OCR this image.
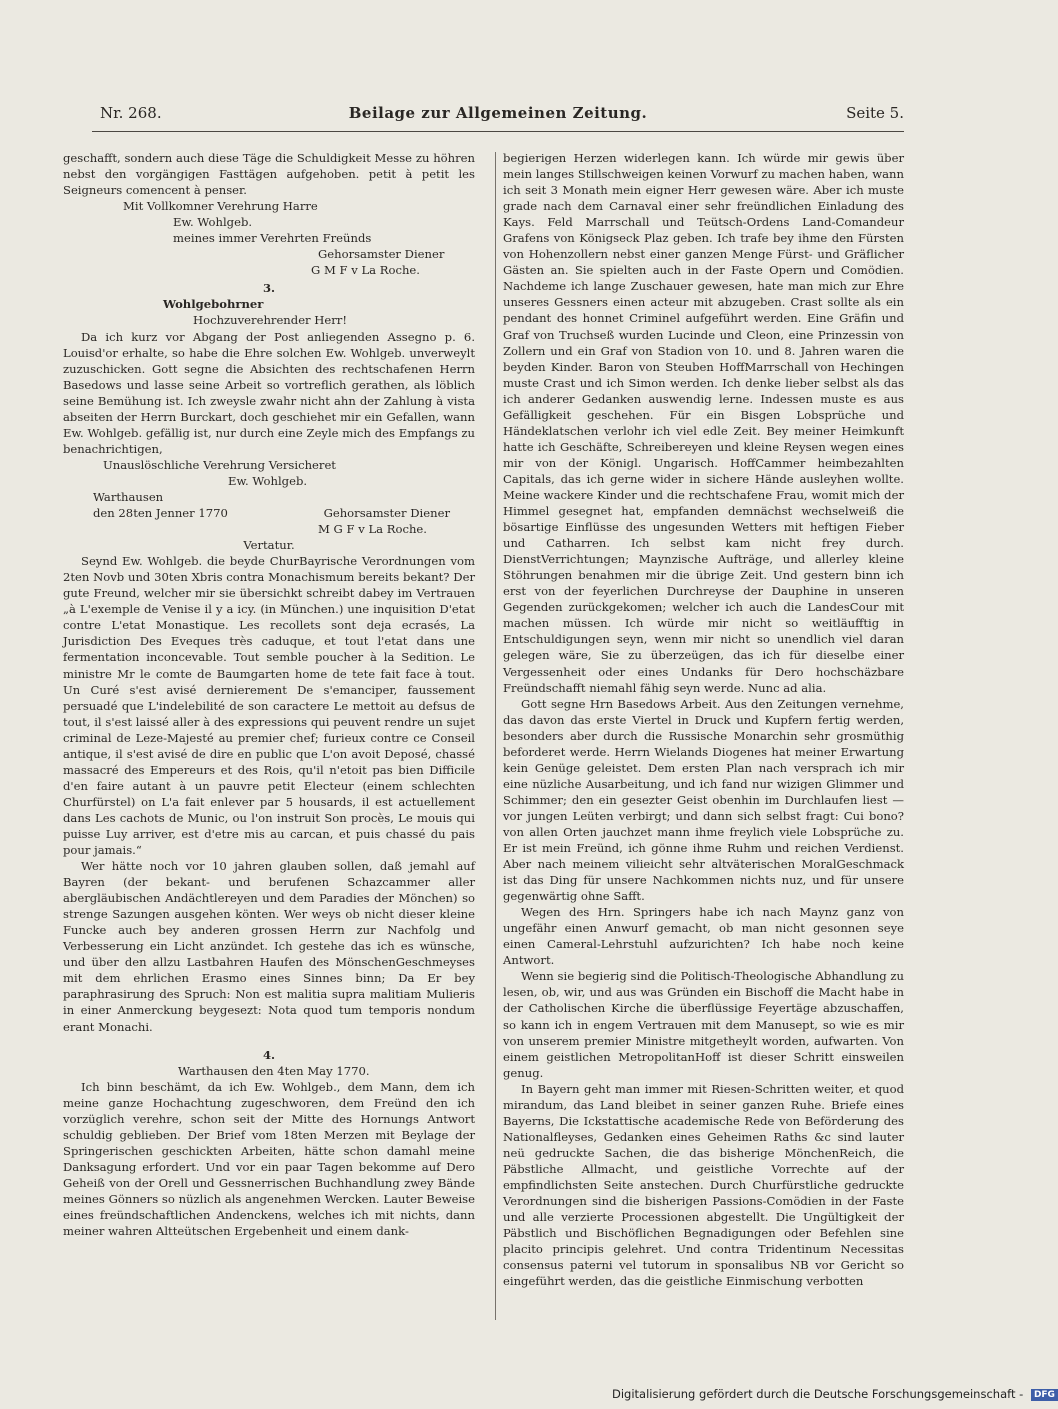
Nr. 268.	Beilage zur Allgemeinen Zeitung.	Seite 5.

geschafft, sondern auch diese Täge die Schuldigkeit Messe zu höhren nebst den vorgängigen Fasttägen aufgehoben. petit à petit les Seigneurs comencent à penser.

Mit Vollkomner Verehrung Harre

Ew. Wohlgeb.

meines immer Verehrten Freünds

Gehorsamster Diener

G M F v La Roche.

3.

Wohlgebohrner

Hochzuverehrender Herr!

Da ich kurz vor Abgang der Post anliegenden Assegno p. 6. Louisd'or erhalte, so habe die Ehre solchen Ew. Wohlgeb. unverweylt zuzuschicken. Gott segne die Absichten des rechtschafenen Herrn Basedows und lasse seine Arbeit so vortreflich gerathen, als löblich seine Bemühung ist. Ich zweysle zwahr nicht ahn der Zahlung à vista abseiten der Herrn Burckart, doch geschiehet mir ein Gefallen, wann Ew. Wohlgeb. gefällig ist, nur durch eine Zeyle mich des Empfangs zu benachrichtigen,

Unauslöschliche Verehrung Versicheret

Ew. Wohlgeb.

Warthausen

den 28ten Jenner 1770	Gehorsamster Diener

M G F v La Roche.

Vertatur.

Seynd Ew. Wohlgeb. die beyde ChurBayrische Verordnungen vom 2ten Novb und 30ten Xbris contra Monachismum bereits bekant? Der gute Freund, welcher mir sie übersichkt schreibt dabey im Vertrauen „à L'exemple de Venise il y a icy. (in München.) une inquisition D'etat contre L'etat Monastique. Les recollets sont deja ecrasés, La Jurisdiction Des Eveques très caduque, et tout l'etat dans une fermentation inconcevable. Tout semble poucher à la Sedition. Le ministre Mr le comte de Baumgarten home de tete fait face à tout. Un Curé s'est avisé dernierement De s'emanciper, faussement persuadé que L'indelebilité de son caractere Le mettoit au defsus de tout, il s'est laissé aller à des expressions qui peuvent rendre un sujet criminal de Leze-Majesté au premier chef; furieux contre ce Conseil antique, il s'est avisé de dire en public que L'on avoit Deposé, chassé massacré des Empereurs et des Rois, qu'il n'etoit pas bien Difficile d'en faire autant à un pauvre petit Electeur (einem schlechten Churfürstel) on L'a fait enlever par 5 housards, il est actuellement dans Les cachots de Munic, ou l'on instruit Son procès, Le mouis qui puisse Luy arriver, est d'etre mis au carcan, et puis chassé du pais pour jamais.“

Wer hätte noch vor 10 jahren glauben sollen, daß jemahl auf Bayren (der bekant- und berufenen Schazcammer aller abergläubischen Andächtlereyen und dem Paradies der Mönchen) so strenge Sazungen ausgehen könten. Wer weys ob nicht dieser kleine Funcke auch bey anderen grossen Herrn zur Nachfolg und Verbesserung ein Licht anzündet. Ich gestehe das ich es wünsche, und über den allzu Lastbahren Haufen des MönschenGeschmeyses mit dem ehrlichen Erasmo eines Sinnes binn; Da Er bey paraphrasirung des Spruch: Non est malitia supra malitiam Mulieris in einer Anmerckung beygesezt: Nota quod tum temporis nondum erant Monachi.

4.

Warthausen den 4ten May 1770.

Ich binn beschämt, da ich Ew. Wohlgeb., dem Mann, dem ich meine ganze Hochachtung zugeschworen, dem Freünd den ich vorzüglich verehre, schon seit der Mitte des Hornungs Antwort schuldig geblieben. Der Brief vom 18ten Merzen mit Beylage der Springerischen geschickten Arbeiten, hätte schon damahl meine Danksagung erfordert. Und vor ein paar Tagen bekomme auf Dero Geheiß von der Orell und Gessnerrischen Buchhandlung zwey Bände meines Gönners so nüzlich als angenehmen Wercken. Lauter Beweise eines freündschaftlichen Andenckens, welches ich mit nichts, dann meiner wahren Altteütschen Ergebenheit und einem dank-

begierigen Herzen widerlegen kann. Ich würde mir gewis über mein langes Stillschweigen keinen Vorwurf zu machen haben, wann ich seit 3 Monath mein eigner Herr gewesen wäre. Aber ich muste grade nach dem Carnaval einer sehr freündlichen Einladung des Kays. Feld Marrschall und Teütsch-Ordens Land-Comandeur Grafens von Königseck Plaz geben. Ich trafe bey ihme den Fürsten von Hohenzollern nebst einer ganzen Menge Fürst- und Gräflicher Gästen an. Sie spielten auch in der Faste Opern und Comödien. Nachdeme ich lange Zuschauer gewesen, hate man mich zur Ehre unseres Gessners einen acteur mit abzugeben. Crast sollte als ein pendant des honnet Criminel aufgeführt werden. Eine Gräfin und Graf von Truchseß wurden Lucinde und Cleon, eine Prinzessin von Zollern und ein Graf von Stadion von 10. und 8. Jahren waren die beyden Kinder. Baron von Steuben HoffMarrschall von Hechingen muste Crast und ich Simon werden. Ich denke lieber selbst als das ich anderer Gedanken auswendig lerne. Indessen muste es aus Gefälligkeit geschehen. Für ein Bisgen Lobsprüche und Händeklatschen verlohr ich viel edle Zeit. Bey meiner Heimkunft hatte ich Geschäfte, Schreibereyen und kleine Reysen wegen eines mir von der Königl. Ungarisch. HoffCammer heimbezahlten Capitals, das ich gerne wider in sichere Hände ausleyhen wollte. Meine wackere Kinder und die rechtschafene Frau, womit mich der Himmel gesegnet hat, empfanden demnächst wechselweiß die bösartige Einflüsse des ungesunden Wetters mit heftigen Fieber und Catharren. Ich selbst kam nicht frey durch. DienstVerrichtungen; Maynzische Aufträge, und allerley kleine Stöhrungen benahmen mir die übrige Zeit. Und gestern binn ich erst von der feyerlichen Durchreyse der Dauphine in unseren Gegenden zurückgekomen; welcher ich auch die LandesCour mit machen müssen. Ich würde mir nicht so weitläufftig in Entschuldigungen seyn, wenn mir nicht so unendlich viel daran gelegen wäre, Sie zu überzeügen, das ich für dieselbe einer Vergessenheit oder eines Undanks für Dero hochschäzbare Freündschafft niemahl fähig seyn werde. Nunc ad alia.

Gott segne Hrn Basedows Arbeit. Aus den Zeitungen vernehme, das davon das erste Viertel in Druck und Kupfern fertig werden, besonders aber durch die Russische Monarchin sehr grosmüthig beforderet werde. Herrn Wielands Diogenes hat meiner Erwartung kein Genüge geleistet. Dem ersten Plan nach versprach ich mir eine nüzliche Ausarbeitung, und ich fand nur wizigen Glimmer und Schimmer; den ein gesezter Geist obenhin im Durchlaufen liest — vor jungen Leüten verbirgt; und dann sich selbst fragt: Cui bono? von allen Orten jauchzet mann ihme freylich viele Lobsprüche zu. Er ist mein Freünd, ich gönne ihme Ruhm und reichen Verdienst. Aber nach meinem vilieicht sehr altväterischen MoralGeschmack ist das Ding für unsere Nachkommen nichts nuz, und für unsere gegenwärtig ohne Safft.

Wegen des Hrn. Springers habe ich nach Maynz ganz von ungefähr einen Anwurf gemacht, ob man nicht gesonnen seye einen Cameral-Lehrstuhl aufzurichten? Ich habe noch keine Antwort.

Wenn sie begierig sind die Politisch-Theologische Abhandlung zu lesen, ob, wir, und aus was Gründen ein Bischoff die Macht habe in der Catholischen Kirche die überflüssige Feyertäge abzuschaffen, so kann ich in engem Vertrauen mit dem Manusept, so wie es mir von unserem premier Ministre mitgetheylt worden, aufwarten. Von einem geistlichen MetropolitanHoff ist dieser Schritt einsweilen genug.

In Bayern geht man immer mit Riesen-Schritten weiter, et quod mirandum, das Land bleibet in seiner ganzen Ruhe. Briefe eines Bayerns, Die Ickstattische academische Rede von Beförderung des Nationalfleyses, Gedanken eines Geheimen Raths &c sind lauter neü gedruckte Sachen, die das bisherige MönchenReich, die Päbstliche Allmacht, und geistliche Vorrechte auf der empfindlichsten Seite anstechen. Durch Churfürstliche gedruckte Verordnungen sind die bisherigen Passions-Comödien in der Faste und alle verzierte Processionen abgestellt. Die Ungültigkeit der Päbstlich und Bischöflichen Begnadigungen oder Befehlen sine placito principis gelehret. Und contra Tridentinum Necessitas consensus paterni vel tutorum in sponsalibus NB vor Gericht so eingeführt werden, das die geistliche Einmischung verbotten

Digitalisierung gefördert durch die Deutsche Forschungsgemeinschaft - DFG
